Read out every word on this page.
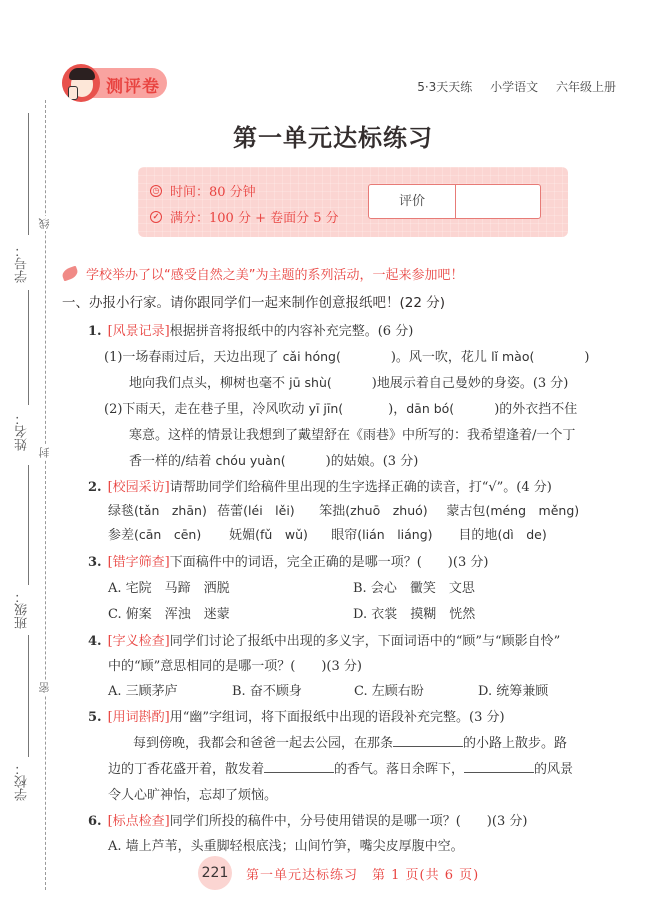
线
封
密
学号：
姓名：
班级：
学校：
测评卷	5·3天天练 小学语文 六年级上册
第一单元达标练习
◷ 时间：80 分钟
✓ 满分：100 分 + 卷面分 5 分
评价
学校举办了以“感受自然之美”为主题的系列活动，一起来参加吧！
一、办报小行家。请你跟同学们一起来制作创意报纸吧！(22 分)
1. [风景记录]根据拼音将报纸中的内容补充完整。(6 分)
(1)一场春雨过后，天边出现了 cǎi hóng(	)。风一吹，花儿 lǐ mào(	)
地向我们点头，柳树也毫不 jū shù(	)地展示着自己曼妙的身姿。(3 分)
(2)下雨天，走在巷子里，冷风吹动 yī jīn(	)，dān bó(	)的外衣挡不住
寒意。这样的情景让我想到了戴望舒在《雨巷》中所写的：我希望逢着/一个丁
香一样的/结着 chóu yuàn(	)的姑娘。(3 分)
2. [校园采访]请帮助同学们给稿件里出现的生字选择正确的读音，打“√”。(4 分)
绿毯(tǎn　zhān) 蓓蕾(léi　lěi) 笨拙(zhuō　zhuó) 蒙古包(méng　měng)
参差(cān　cēn) 妩媚(fǔ　wǔ) 眼帘(lián　liáng) 目的地(dì　de)
3. [错字筛查]下面稿件中的词语，完全正确的是哪一项？(　　)(3 分)
A. 宅院　马蹄　洒脱	B. 会心　黴笑　文思
C. 俯案　浑浊　迷蒙	D. 衣裳　摸糊　恍然
4. [字义检查]同学们讨论了报纸中出现的多义字，下面词语中的“顾”与“顾影自怜”
中的“顾”意思相同的是哪一项？(　　)(3 分)
A. 三顾茅庐	B. 奋不顾身	C. 左顾右盼	D. 统筹兼顾
5. [用词斟酌]用“幽”字组词，将下面报纸中出现的语段补充完整。(3 分)
每到傍晚，我都会和爸爸一起去公园，在那条	的小路上散步。路
边的丁香花盛开着，散发着	的香气。落日余晖下，	的风景
令人心旷神怡，忘却了烦恼。
6. [标点检查]同学们所投的稿件中，分号使用错误的是哪一项？(　　)(3 分)
A. 墙上芦苇，头重脚轻根底浅；山间竹笋，嘴尖皮厚腹中空。
221 第一单元达标练习　第 1 页(共 6 页)
